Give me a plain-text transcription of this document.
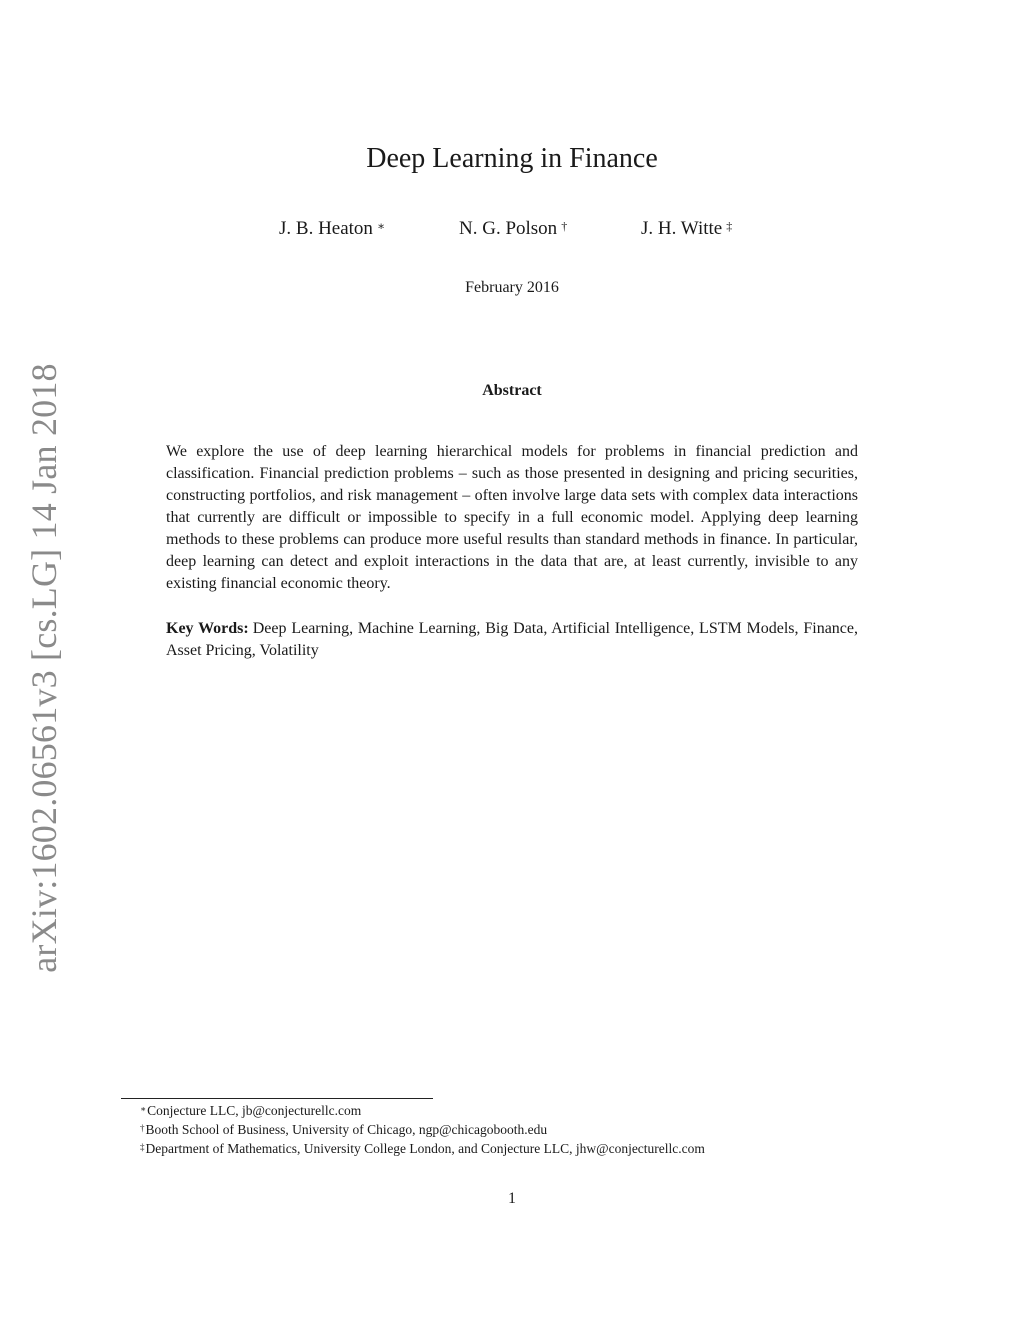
arXiv:1602.06561v3 [cs.LG] 14 Jan 2018
Deep Learning in Finance
J. B. Heaton ∗	N. G. Polson †	J. H. Witte ‡
February 2016
Abstract

We explore the use of deep learning hierarchical models for problems in financial prediction and classification. Financial prediction problems – such as those presented in designing and pricing securities, constructing portfolios, and risk management – often involve large data sets with complex data interactions that currently are difficult or impossible to specify in a full economic model. Applying deep learning methods to these problems can produce more useful results than standard methods in finance. In particular, deep learning can detect and exploit interactions in the data that are, at least currently, invisible to any existing financial economic theory.

Key Words: Deep Learning, Machine Learning, Big Data, Artificial Intelligence, LSTM Models, Finance, Asset Pricing, Volatility

∗Conjecture LLC, jb@conjecturellc.com
†Booth School of Business, University of Chicago, ngp@chicagobooth.edu
‡Department of Mathematics, University College London, and Conjecture LLC, jhw@conjecturellc.com
1
